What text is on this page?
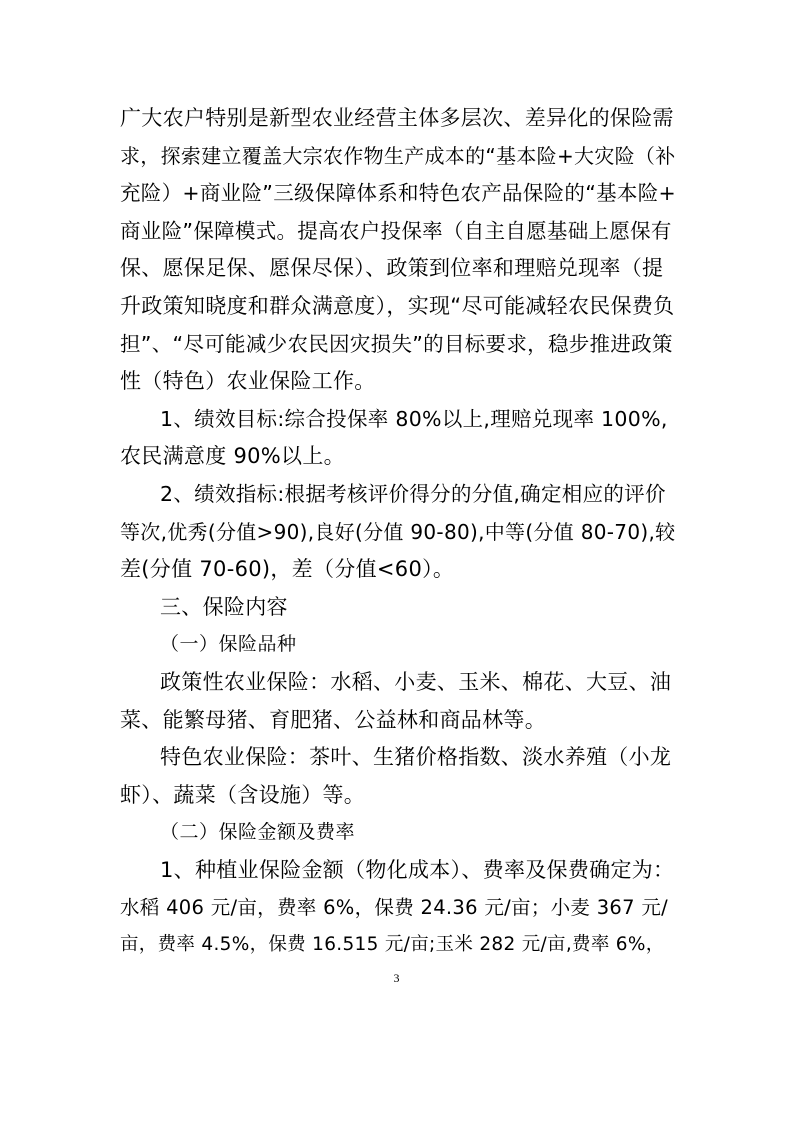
广大农户特别是新型农业经营主体多层次、差异化的保险需
求，探索建立覆盖大宗农作物生产成本的“基本险+大灾险（补
充险）+商业险”三级保障体系和特色农产品保险的“基本险+
商业险”保障模式。提高农户投保率（自主自愿基础上愿保有
保、愿保足保、愿保尽保）、政策到位率和理赔兑现率（提
升政策知晓度和群众满意度），实现“尽可能减轻农民保费负
担”、“尽可能减少农民因灾损失”的目标要求，稳步推进政策
性（特色）农业保险工作。
1、绩效目标:综合投保率 80%以上,理赔兑现率 100%,
农民满意度 90%以上。
2、绩效指标:根据考核评价得分的分值,确定相应的评价
等次,优秀(分值>90),良好(分值 90-80),中等(分值 80-70),较
差(分值 70-60)，差（分值<60）。
三、保险内容
（一）保险品种
政策性农业保险：水稻、小麦、玉米、棉花、大豆、油
菜、能繁母猪、育肥猪、公益林和商品林等。
特色农业保险：茶叶、生猪价格指数、淡水养殖（小龙
虾）、蔬菜（含设施）等。
（二）保险金额及费率
1、种植业保险金额（物化成本）、费率及保费确定为：
水稻 406 元/亩，费率 6%，保费 24.36 元/亩；小麦 367 元/
亩，费率 4.5%，保费 16.515 元/亩;玉米 282 元/亩,费率 6%，
3
